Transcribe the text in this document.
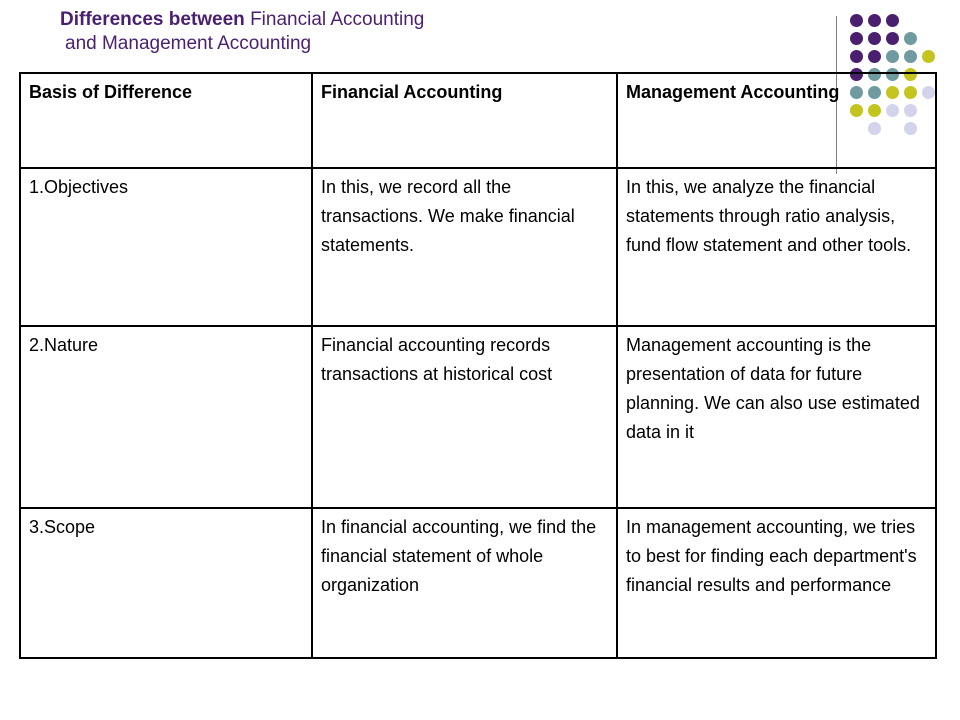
Differences between Financial Accounting
and Management Accounting
Basis of Difference	Financial Accounting	Management Accounting
1.Objectives	In this, we record all the transactions. We make financial statements.	In this, we analyze the financial statements through ratio analysis, fund flow statement and other tools.
2.Nature	Financial accounting records transactions at historical cost	Management accounting is the presentation of data for future planning. We can also use estimated data in it
3.Scope	In financial accounting, we find the financial statement of whole organization	In management accounting, we tries to best for finding each department's financial results and performance
